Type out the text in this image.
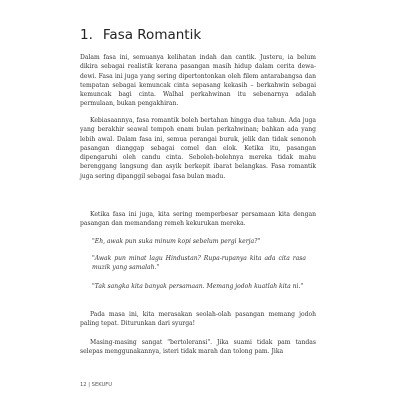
1. Fasa Romantik

Dalam fasa ini, semuanya kelihatan indah dan cantik. Justeru, ia belum dikira sebagai realistik kerana pasangan masih hidup dalam cerita dewa-dewi. Fasa ini juga yang sering dipertontonkan oleh filem antarabangsa dan tempatan sebagai kemuncak cinta sepasang kekasih – berkahwin sebagai kemuncak bagi cinta. Walhal perkahwinan itu sebenarnya adalah permulaan, bukan pengakhiran.

Kebiasaannya, fasa romantik boleh bertahan hingga dua tahun. Ada juga yang berakhir seawal tempoh enam bulan perkahwinan; bahkan ada yang lebih awal. Dalam fasa ini, semua perangai buruk, jelik dan tidak senonoh pasangan dianggap sebagai comel dan elok. Ketika itu, pasangan dipengaruhi oleh candu cinta. Seboleh-bolehnya mereka tidak mahu berenggang langsung dan asyik berkepit ibarat belangkas. Fasa romantik juga sering dipanggil sebagai fasa bulan madu.

Ketika fasa ini juga, kita sering memperbesar persamaan kita dengan pasangan dan memandang remeh kekurukan mereka.

"Eh, awak pun suka minum kopi sebelum pergi kerja?"

"Awak pun minat lagu Hindustan? Rupa-rupanya kita ada cita rasa muzik yang samalah."

"Tak sangka kita banyak persamaan. Memang jodoh kuatlah kita ni."

Pada masa ini, kita merasakan seolah-olah pasangan memang jodoh paling tepat. Diturunkan dari syurga!

Masing-masing sangat "bertoleransi". Jika suami tidak pam tandas selepas menggunakannya, isteri tidak marah dan tolong pam. Jika

12 | SEKUFU
